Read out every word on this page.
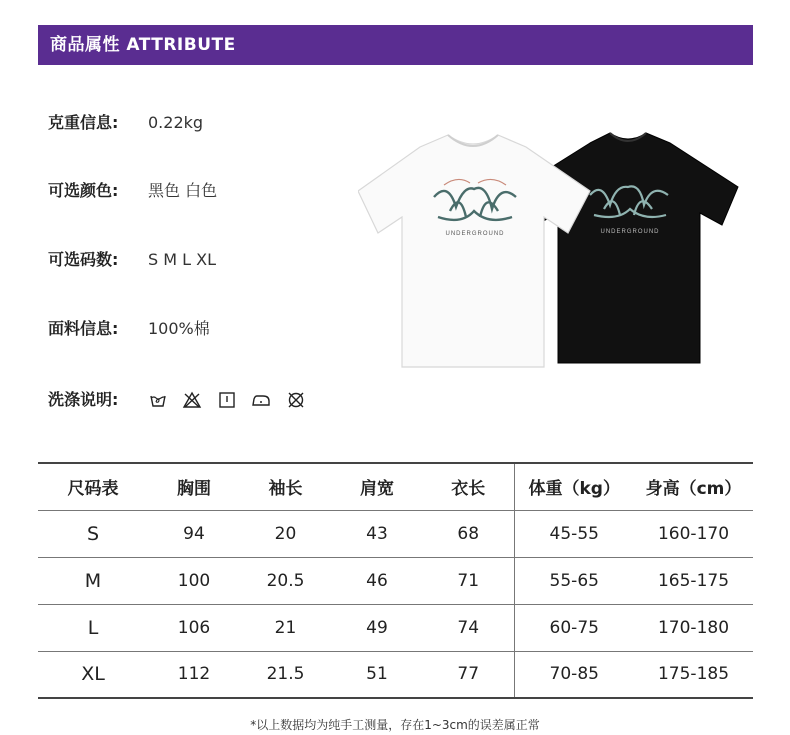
商品属性 ATTRIBUTE
克重信息:	0.22kg
可选颜色:	黑色 白色
可选码数:	S M L XL
面料信息:	100%棉
洗涤说明:
UNDERGROUND
UNDERGROUND
尺码表	胸围	袖长	肩宽	衣长	体重（kg）	身高（cm）
S	94	20	43	68	45-55	160-170
M	100	20.5	46	71	55-65	165-175
L	106	21	49	74	60-75	170-180
XL	112	21.5	51	77	70-85	175-185
*以上数据均为纯手工测量，存在1~3cm的误差属正常
